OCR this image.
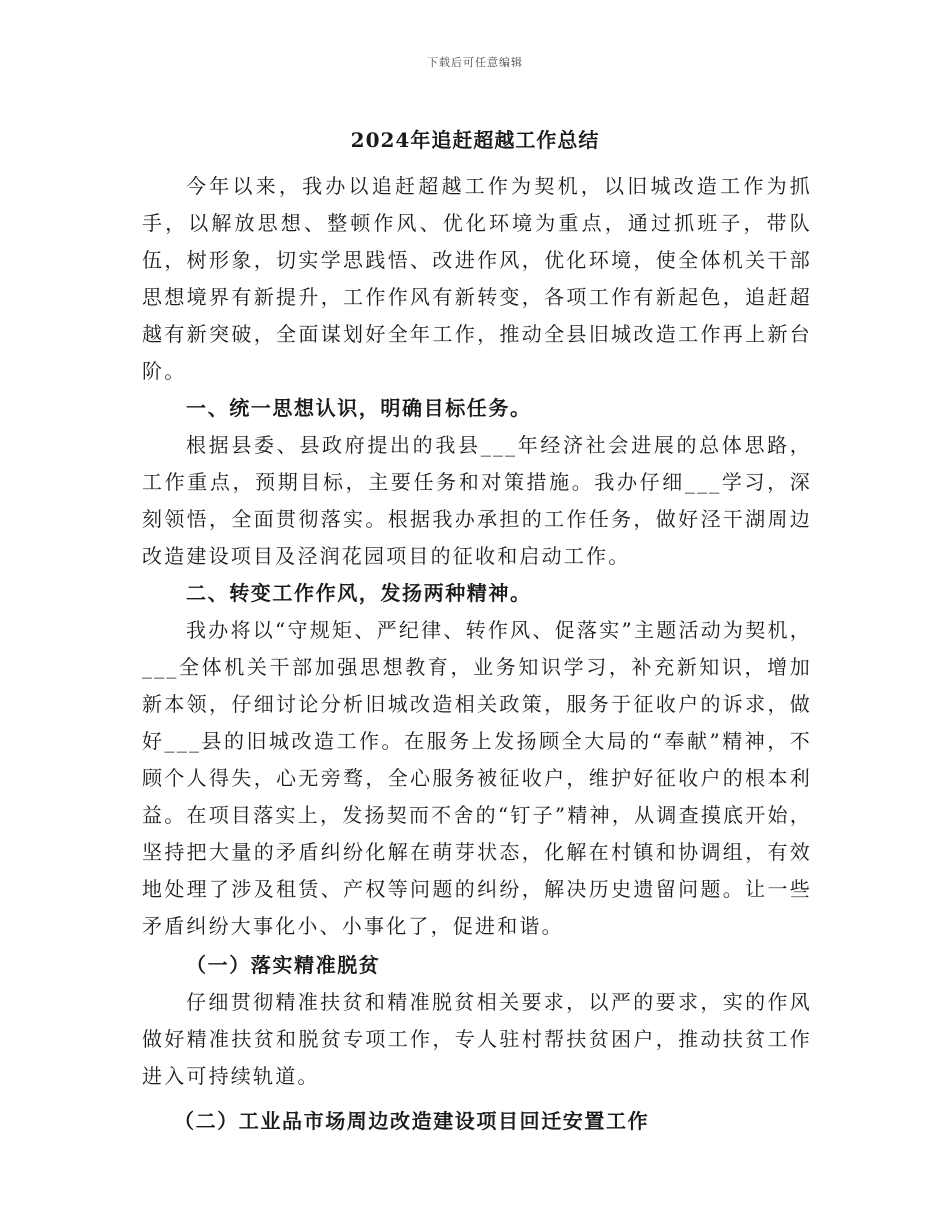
下载后可任意编辑
2024年追赶超越工作总结

今年以来，我办以追赶超越工作为契机，以旧城改造工作为抓手，以解放思想、整顿作风、优化环境为重点，通过抓班子，带队伍，树形象，切实学思践悟、改进作风，优化环境，使全体机关干部思想境界有新提升，工作作风有新转变，各项工作有新起色，追赶超越有新突破，全面谋划好全年工作，推动全县旧城改造工作再上新台阶。

一、统一思想认识，明确目标任务。

根据县委、县政府提出的我县___年经济社会进展的总体思路，工作重点，预期目标，主要任务和对策措施。我办仔细___学习，深刻领悟，全面贯彻落实。根据我办承担的工作任务，做好泾干湖周边改造建设项目及泾润花园项目的征收和启动工作。

二、转变工作作风，发扬两种精神。

我办将以“守规矩、严纪律、转作风、促落实”主题活动为契机，___全体机关干部加强思想教育，业务知识学习，补充新知识，增加新本领，仔细讨论分析旧城改造相关政策，服务于征收户的诉求，做好___县的旧城改造工作。在服务上发扬顾全大局的“奉献”精神，不顾个人得失，心无旁骛，全心服务被征收户，维护好征收户的根本利益。在项目落实上，发扬契而不舍的“钉子”精神，从调查摸底开始，坚持把大量的矛盾纠纷化解在萌芽状态，化解在村镇和协调组，有效地处理了涉及租赁、产权等问题的纠纷，解决历史遗留问题。让一些矛盾纠纷大事化小、小事化了，促进和谐。

（一）落实精准脱贫

仔细贯彻精准扶贫和精准脱贫相关要求，以严的要求，实的作风做好精准扶贫和脱贫专项工作，专人驻村帮扶贫困户，推动扶贫工作进入可持续轨道。

（二）工业品市场周边改造建设项目回迁安置工作
